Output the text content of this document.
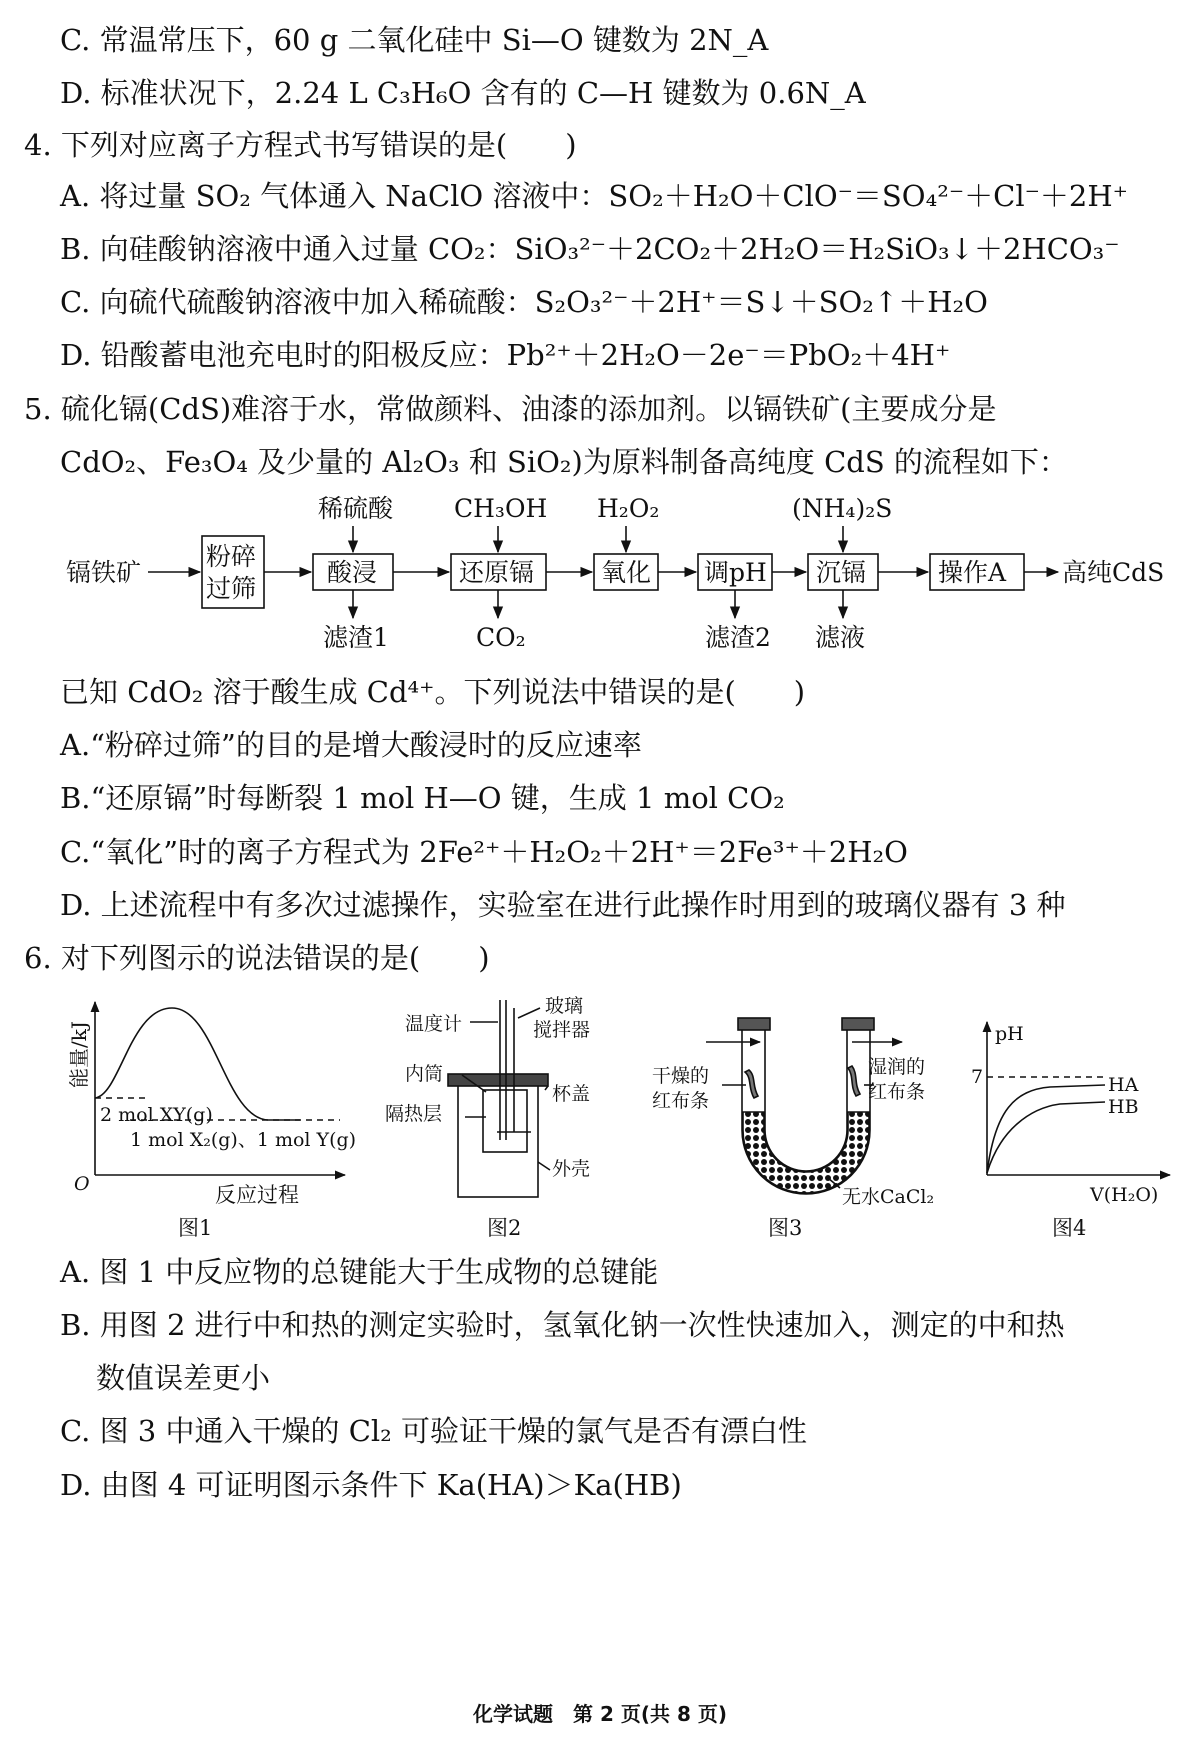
C. 常温常压下，60 g 二氧化硅中 Si—O 键数为 2N_A
D. 标准状况下，2.24 L C₃H₆O 含有的 C—H 键数为 0.6N_A
4. 下列对应离子方程式书写错误的是(　　)
A. 将过量 SO₂ 气体通入 NaClO 溶液中：SO₂＋H₂O＋ClO⁻＝SO₄²⁻＋Cl⁻＋2H⁺
B. 向硅酸钠溶液中通入过量 CO₂：SiO₃²⁻＋2CO₂＋2H₂O＝H₂SiO₃↓＋2HCO₃⁻
C. 向硫代硫酸钠溶液中加入稀硫酸：S₂O₃²⁻＋2H⁺＝S↓＋SO₂↑＋H₂O
D. 铅酸蓄电池充电时的阳极反应：Pb²⁺＋2H₂O－2e⁻＝PbO₂＋4H⁺
5. 硫化镉(CdS)难溶于水，常做颜料、油漆的添加剂。以镉铁矿(主要成分是
CdO₂、Fe₃O₄ 及少量的 Al₂O₃ 和 SiO₂)为原料制备高纯度 CdS 的流程如下：
镉铁矿
粉碎
过筛
酸浸	还原镉	氧化 调pH 沉镉	操作A 高纯CdS
稀硫酸 CH₃OH H₂O₂	(NH₄)₂S
滤渣1	CO₂	滤渣2 滤液
已知 CdO₂ 溶于酸生成 Cd⁴⁺。下列说法中错误的是(　　)
A.“粉碎过筛”的目的是增大酸浸时的反应速率
B.“还原镉”时每断裂 1 mol H—O 键，生成 1 mol CO₂
C.“氧化”时的离子方程式为 2Fe²⁺＋H₂O₂＋2H⁺＝2Fe³⁺＋2H₂O
D. 上述流程中有多次过滤操作，实验室在进行此操作时用到的玻璃仪器有 3 种
6. 对下列图示的说法错误的是(　　)
能量/kJ
2 mol XY(g)
1 mol X₂(g)、1 mol Y(g)
O	反应过程
图1
温度计
玻璃
搅拌器
内筒
杯盖
隔热层
外壳
图2
干燥的
红布条
湿润的
红布条
无水CaCl₂
图3
pH
7	HA
HB
V(H₂O)
图4
A. 图 1 中反应物的总键能大于生成物的总键能
B. 用图 2 进行中和热的测定实验时，氢氧化钠一次性快速加入，测定的中和热
数值误差更小
C. 图 3 中通入干燥的 Cl₂ 可验证干燥的氯气是否有漂白性
D. 由图 4 可证明图示条件下 Ka(HA)＞Ka(HB)
化学试题　第 2 页(共 8 页)
